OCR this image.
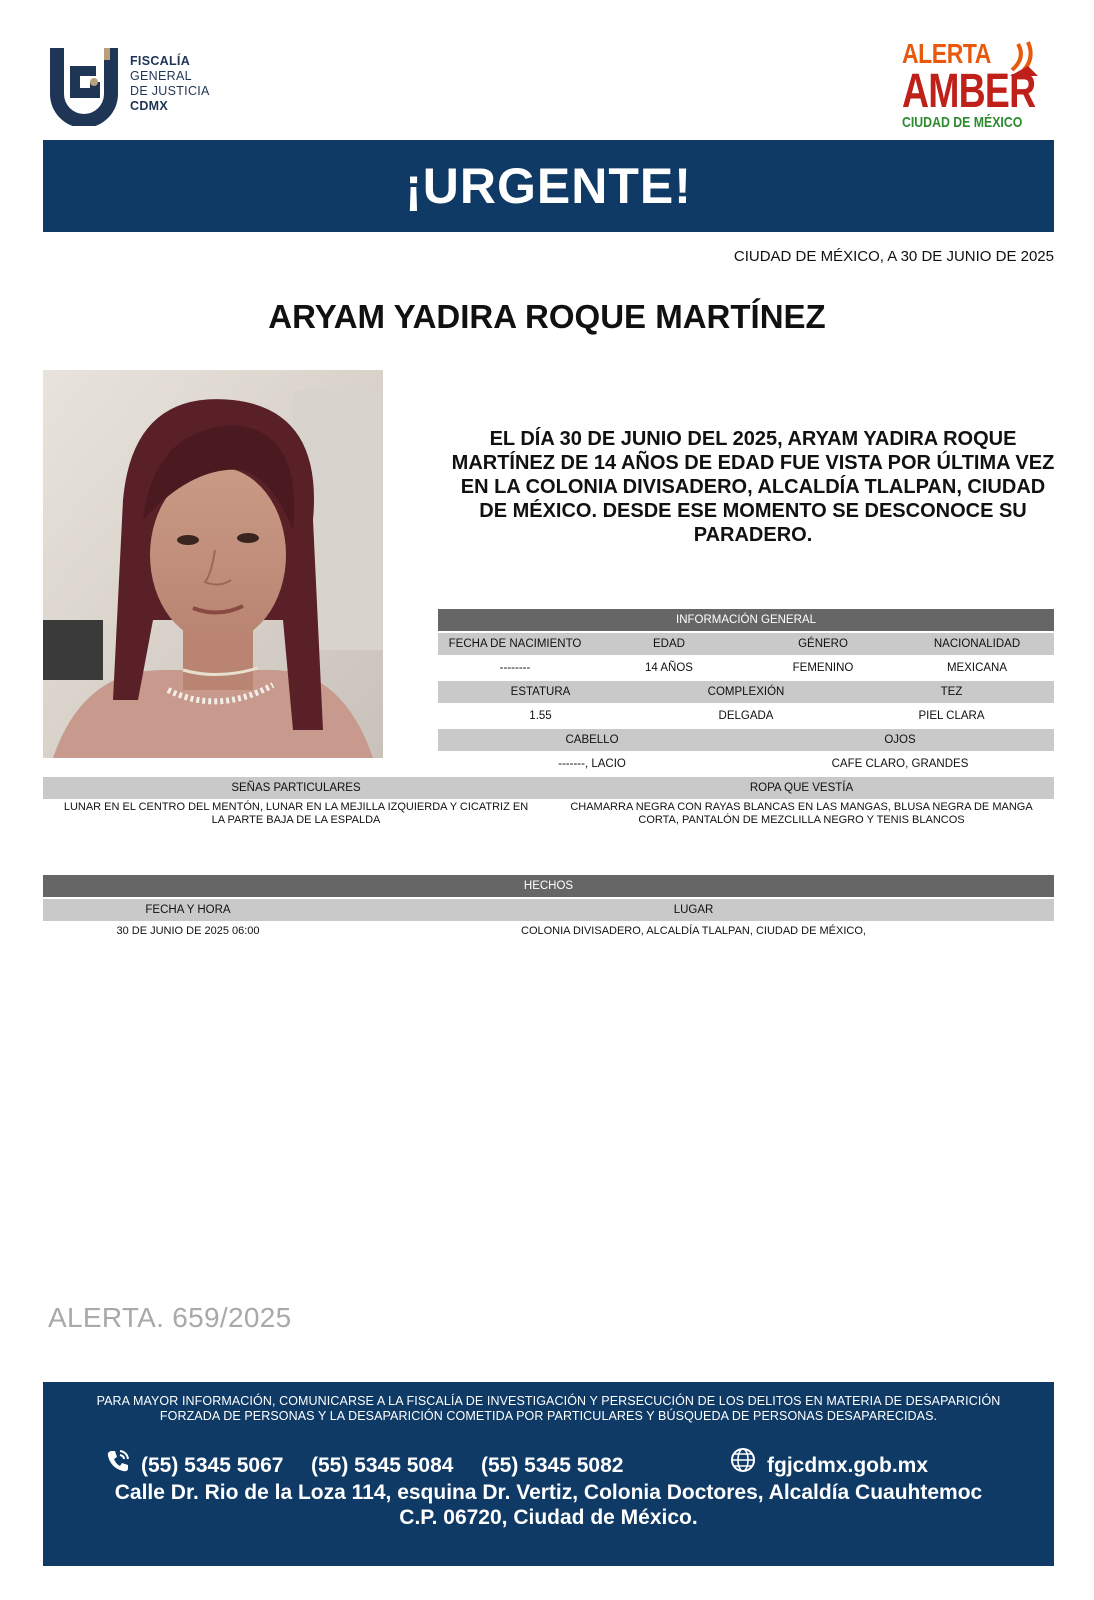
FISCALÍA
GENERAL
DE JUSTICIA
CDMX
ALERTA
AMBER
CIUDAD DE MÉXICO
¡URGENTE!
CIUDAD DE MÉXICO, A 30 DE JUNIO DE 2025
ARYAM YADIRA ROQUE MARTÍNEZ
EL DÍA 30 DE JUNIO DEL 2025, ARYAM YADIRA ROQUE MARTÍNEZ DE 14 AÑOS DE EDAD FUE VISTA POR ÚLTIMA VEZ EN LA COLONIA DIVISADERO, ALCALDÍA TLALPAN, CIUDAD DE MÉXICO. DESDE ESE MOMENTO SE DESCONOCE SU PARADERO.
INFORMACIÓN GENERAL
FECHA DE NACIMIENTO	EDAD	GÉNERO	NACIONALIDAD
--------	14 AÑOS	FEMENINO	MEXICANA
ESTATURA	COMPLEXIÓN	TEZ
1.55	DELGADA	PIEL CLARA
CABELLO	OJOS
-------, LACIO	CAFE CLARO, GRANDES
SEÑAS PARTICULARES	ROPA QUE VESTÍA
LUNAR EN EL CENTRO DEL MENTÓN, LUNAR EN LA MEJILLA IZQUIERDA Y CICATRIZ EN LA PARTE BAJA DE LA ESPALDA
CHAMARRA NEGRA CON RAYAS BLANCAS EN LAS MANGAS, BLUSA NEGRA DE MANGA CORTA, PANTALÓN DE MEZCLILLA NEGRO Y TENIS BLANCOS
HECHOS
FECHA Y HORA	LUGAR
30 DE JUNIO DE 2025 06:00	COLONIA DIVISADERO, ALCALDÍA TLALPAN, CIUDAD DE MÉXICO,
ALERTA. 659/2025
PARA MAYOR INFORMACIÓN, COMUNICARSE A LA FISCALÍA DE INVESTIGACIÓN Y PERSECUCIÓN DE LOS DELITOS EN MATERIA DE DESAPARICIÓN FORZADA DE PERSONAS Y LA DESAPARICIÓN COMETIDA POR PARTICULARES Y BÚSQUEDA DE PERSONAS DESAPARECIDAS.
(55) 5345 5067 (55) 5345 5084 (55) 5345 5082	fgjcdmx.gob.mx
Calle Dr. Rio de la Loza 114, esquina Dr. Vertiz, Colonia Doctores, Alcaldía Cuauhtemoc
C.P. 06720, Ciudad de México.
